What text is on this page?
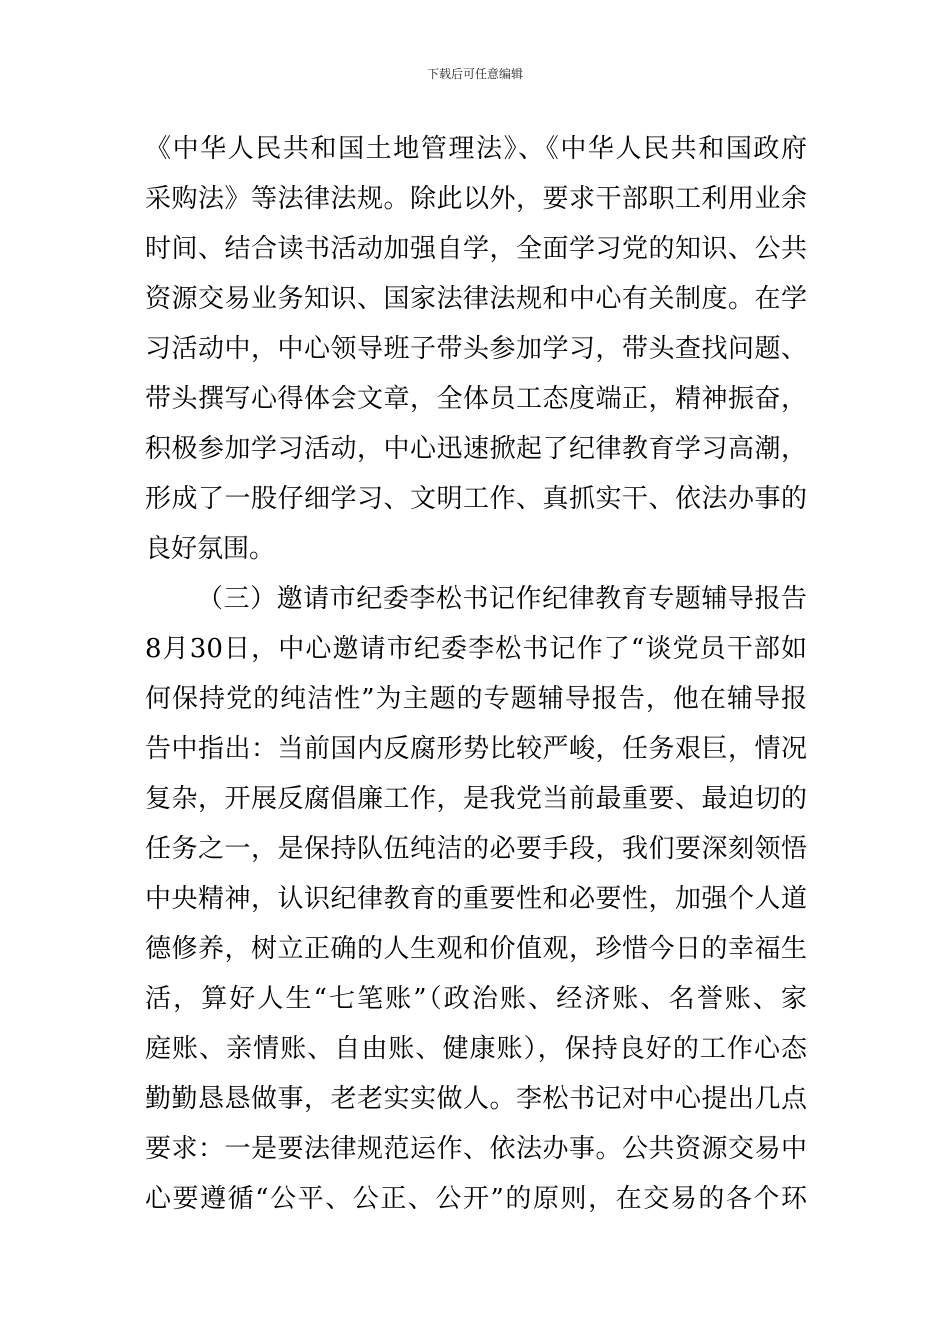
下载后可任意编辑
《中华人民共和国土地管理法》、《中华人民共和国政府
采购法》等法律法规。除此以外，要求干部职工利用业余
时间、结合读书活动加强自学，全面学习党的知识、公共
资源交易业务知识、国家法律法规和中心有关制度。在学
习活动中，中心领导班子带头参加学习，带头查找问题、
带头撰写心得体会文章，全体员工态度端正，精神振奋，
积极参加学习活动，中心迅速掀起了纪律教育学习高潮，
形成了一股仔细学习、文明工作、真抓实干、依法办事的
良好氛围。
（三）邀请市纪委李松书记作纪律教育专题辅导报告
8月30日，中心邀请市纪委李松书记作了“谈党员干部如
何保持党的纯洁性”为主题的专题辅导报告，他在辅导报
告中指出：当前国内反腐形势比较严峻，任务艰巨，情况
复杂，开展反腐倡廉工作，是我党当前最重要、最迫切的
任务之一，是保持队伍纯洁的必要手段，我们要深刻领悟
中央精神，认识纪律教育的重要性和必要性，加强个人道
德修养，树立正确的人生观和价值观，珍惜今日的幸福生
活，算好人生“七笔账”（政治账、经济账、名誉账、家
庭账、亲情账、自由账、健康账），保持良好的工作心态
勤勤恳恳做事，老老实实做人。李松书记对中心提出几点
要求：一是要法律规范运作、依法办事。公共资源交易中
心要遵循“公平、公正、公开”的原则，在交易的各个环
